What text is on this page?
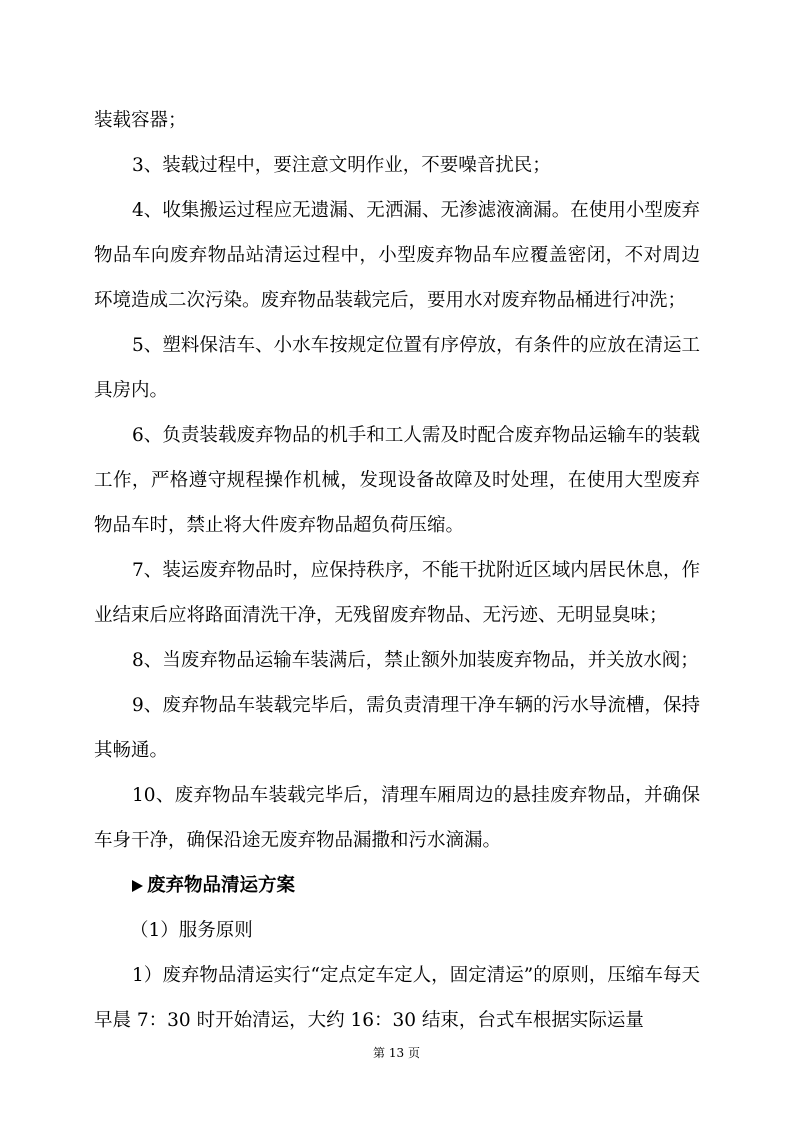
装载容器；

3、装载过程中，要注意文明作业，不要噪音扰民；

4、收集搬运过程应无遗漏、无洒漏、无渗滤液滴漏。在使用小型废弃物品车向废弃物品站清运过程中，小型废弃物品车应覆盖密闭，不对周边环境造成二次污染。废弃物品装载完后，要用水对废弃物品桶进行冲洗；

5、塑料保洁车、小水车按规定位置有序停放，有条件的应放在清运工具房内。

6、负责装载废弃物品的机手和工人需及时配合废弃物品运输车的装载工作，严格遵守规程操作机械，发现设备故障及时处理，在使用大型废弃物品车时，禁止将大件废弃物品超负荷压缩。

7、装运废弃物品时，应保持秩序，不能干扰附近区域内居民休息，作业结束后应将路面清洗干净，无残留废弃物品、无污迹、无明显臭味；

8、当废弃物品运输车装满后，禁止额外加装废弃物品，并关放水阀；

9、废弃物品车装载完毕后，需负责清理干净车辆的污水导流槽，保持其畅通。

10、废弃物品车装载完毕后，清理车厢周边的悬挂废弃物品，并确保车身干净，确保沿途无废弃物品漏撒和污水滴漏。

废弃物品清运方案

（1）服务原则

1）废弃物品清运实行“定点定车定人，固定清运”的原则，压缩车每天早晨 7：30 时开始清运，大约 16：30 结束，台式车根据实际运量

第 13 页
